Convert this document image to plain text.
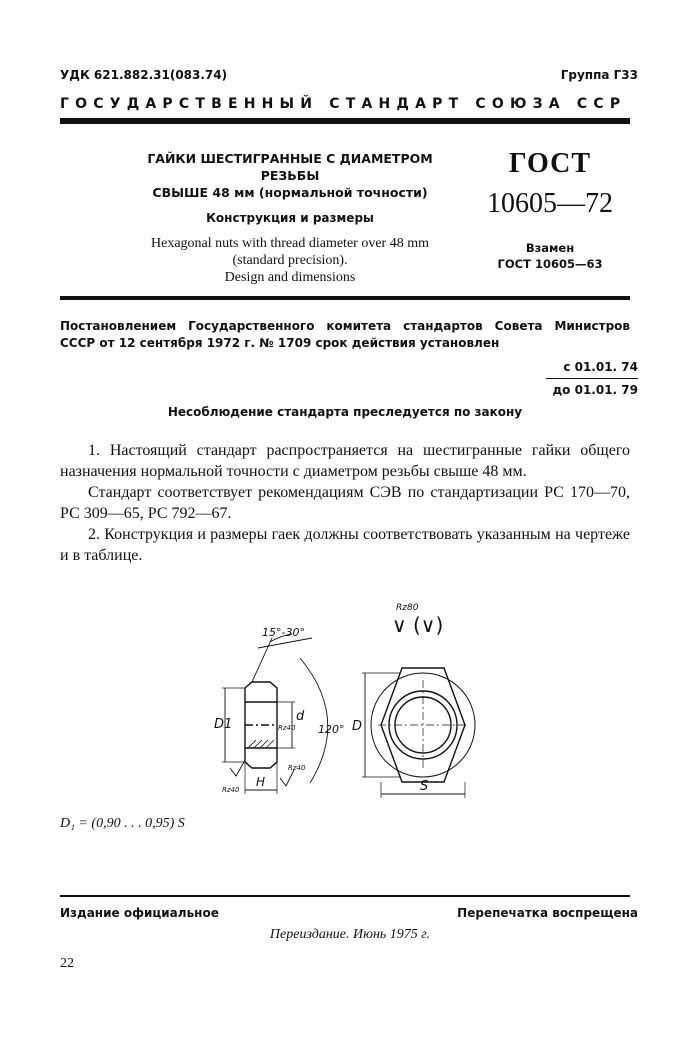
УДК 621.882.31(083.74)	Группа Г33
ГОСУДАРСТВЕННЫЙ СТАНДАРТ СОЮЗА ССР
ГАЙКИ ШЕСТИГРАННЫЕ С ДИАМЕТРОМ РЕЗЬБЫ
СВЫШЕ 48 мм (нормальной точности)
Конструкция и размеры
Hexagonal nuts with thread diameter over 48 mm
(standard precision).
Design and dimensions
ГОСТ
10605—72
Взамен
ГОСТ 10605—63
Постановлением Государственного комитета стандартов Совета Министров СССР от 12 сентября 1972 г. № 1709 срок действия установлен
с 01.01. 74
до 01.01. 79
Несоблюдение стандарта преследуется по закону

1. Настоящий стандарт распространяется на шестигранные гайки общего назначения нормальной точности с диаметром резьбы свыше 48 мм.

Стандарт соответствует рекомендациям СЭВ по стандартизации РС 170—70, РС 309—65, РС 792—67.

2. Конструкция и размеры гаек должны соответствовать указанным на чертеже и в таблице.

15°-30°
D1
d
Rz40
Rz40
Rz40
H
120° D
S
Rz80
∨ (∨)
D₁ = (0,90 . . . 0,95) S
Издание официальное	Перепечатка воспрещена
Переиздание. Июнь 1975 г.
22
